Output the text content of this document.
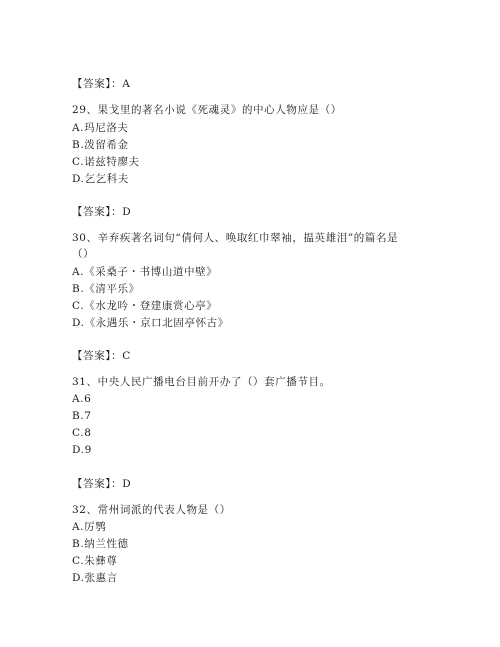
【答案】：A
29、果戈里的著名小说《死魂灵》的中心人物应是（）
A.玛尼洛夫
B.泼留希金
C.诺兹特廖夫
D.乞乞科夫
【答案】：D
30、辛弃疾著名词句“倩何人、唤取红巾翠袖，揾英雄泪”的篇名是
（）
A.《采桑子・书博山道中壁》
B.《清平乐》
C.《水龙吟・登建康赏心亭》
D.《永遇乐・京口北固亭怀古》
【答案】：C
31、中央人民广播电台目前开办了（）套广播节目。
A.6
B.7
C.8
D.9
【答案】：D
32、常州词派的代表人物是（）
A.厉鹗
B.纳兰性德
C.朱彝尊
D.张惠言
